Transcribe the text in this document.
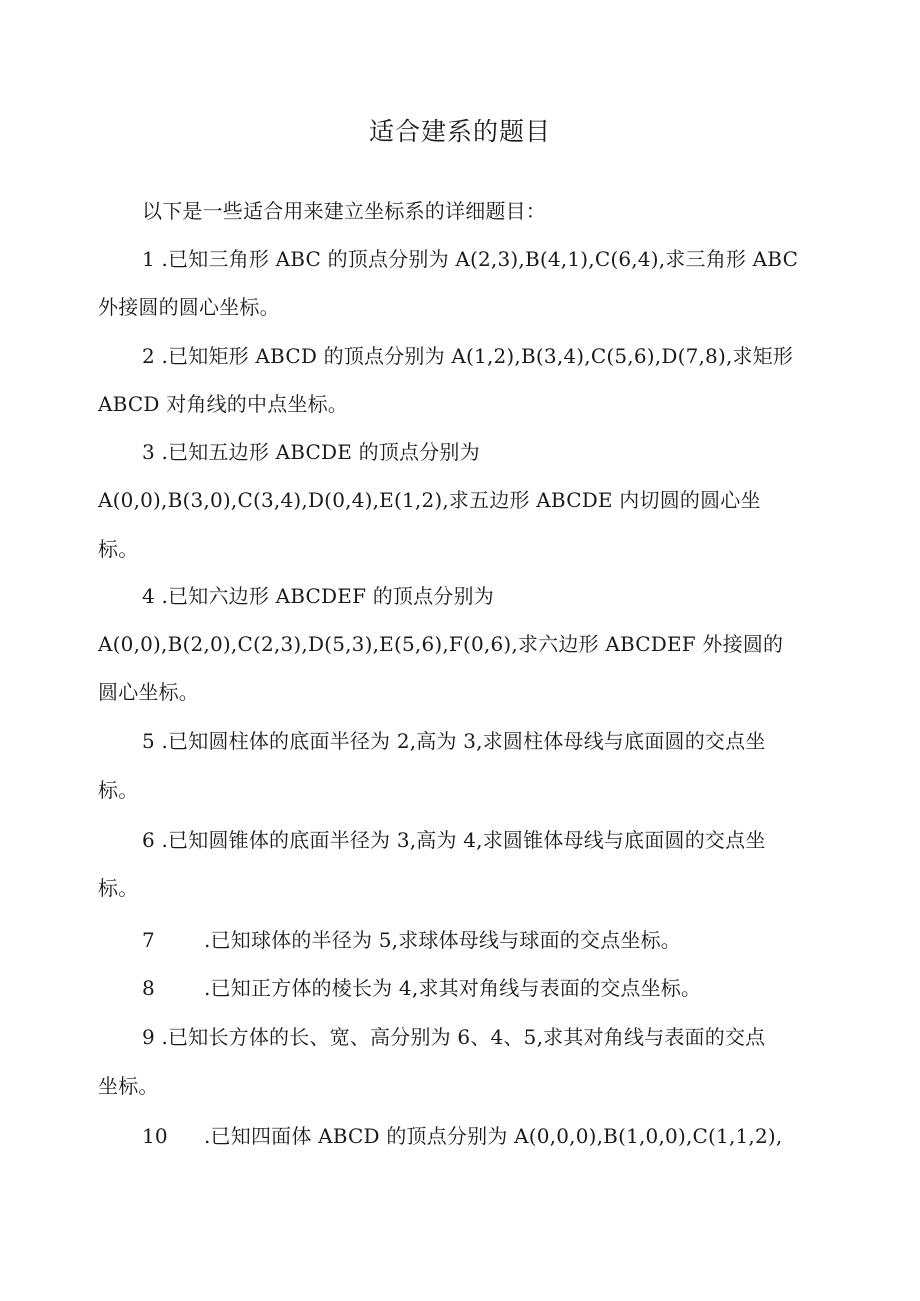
适合建系的题目
以下是一些适合用来建立坐标系的详细题目：
1 .已知三角形 ABC 的顶点分别为 A(2,3),B(4,1),C(6,4),求三角形 ABC
外接圆的圆心坐标。
2 .已知矩形 ABCD 的顶点分别为 A(1,2),B(3,4),C(5,6),D(7,8),求矩形
ABCD 对角线的中点坐标。
3 .已知五边形 ABCDE 的顶点分别为
A(0,0),B(3,0),C(3,4),D(0,4),E(1,2),求五边形 ABCDE 内切圆的圆心坐
标。
4 .已知六边形 ABCDEF 的顶点分别为
A(0,0),B(2,0),C(2,3),D(5,3),E(5,6),F(0,6),求六边形 ABCDEF 外接圆的
圆心坐标。
5 .已知圆柱体的底面半径为 2,高为 3,求圆柱体母线与底面圆的交点坐
标。
6 .已知圆锥体的底面半径为 3,高为 4,求圆锥体母线与底面圆的交点坐
标。
7 .已知球体的半径为 5,求球体母线与球面的交点坐标。
8 .已知正方体的棱长为 4,求其对角线与表面的交点坐标。
9 .已知长方体的长、宽、高分别为 6、4、5,求其对角线与表面的交点
坐标。
10 .已知四面体 ABCD 的顶点分别为 A(0,0,0),B(1,0,0),C(1,1,2),
